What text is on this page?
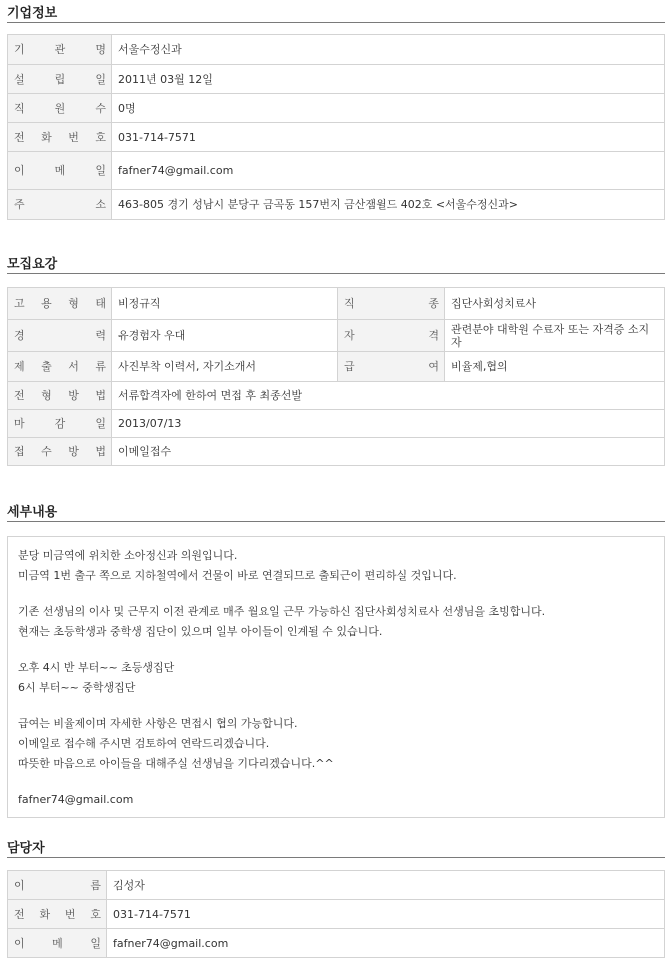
기업정보
기 관 명	서울수정신과

설 립 일	2011년 03월 12일

직 원 수	0명

전 화 번 호	031-714-7571

이 메 일	fafner74@gmail.com

주 소	463-805 경기 성남시 분당구 금곡동 157번지 금산잼윌드 402호 <서울수정신과>
모집요강
고 용 형 태	비정규직	직 종	집단사회성치료사

경 력	유경험자 우대	자 격	관련분야 대학원 수료자 또는 자격증 소지자

제 출 서 류	사진부착 이력서, 자기소개서	급 여	비율제,협의

전 형 방 법	서류합격자에 한하여 면접 후 최종선발		

마 감 일	2013/07/13		

접 수 방 법	이메일접수		
세부내용
분당 미금역에 위치한 소아정신과 의원입니다.
미금역 1번 출구 쪽으로 지하철역에서 건물이 바로 연결되므로 출퇴근이 편리하실 것입니다.
기존 선생님의 이사 및 근무지 이전 관계로 매주 월요일 근무 가능하신 집단사회성치료사 선생님을 초빙합니다.
현재는 초등학생과 중학생 집단이 있으며 일부 아이들이 인계될 수 있습니다.
오후 4시 반 부터~~ 초등생집단
6시 부터~~ 중학생집단
급여는 비율제이며 자세한 사항은 면접시 협의 가능합니다.
이메일로 접수해 주시면 검토하여 연락드리겠습니다.
따뜻한 마음으로 아이들을 대해주실 선생님을 기다리겠습니다.^^
fafner74@gmail.com
담당자
이 름	김성자

전 화 번 호	031-714-7571

이 메 일	fafner74@gmail.com
